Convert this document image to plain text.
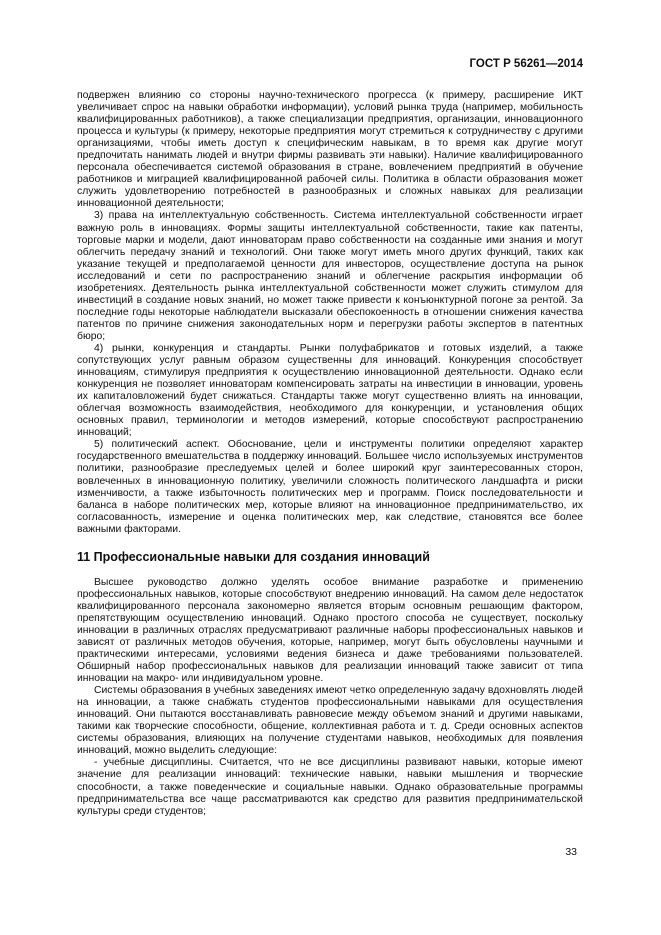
ГОСТ Р 56261—2014

подвержен влиянию со стороны научно-технического прогресса (к примеру, расширение ИКТ увеличивает спрос на навыки обработки информации), условий рынка труда (например, мобильность квалифицированных работников), а также специализации предприятия, организации, инновационного процесса и культуры (к примеру, некоторые предприятия могут стремиться к сотрудничеству с другими организациями, чтобы иметь доступ к специфическим навыкам, в то время как другие могут предпочитать нанимать людей и внутри фирмы развивать эти навыки). Наличие квалифицированного персонала обеспечивается системой образования в стране, вовлечением предприятий в обучение работников и миграцией квалифицированной рабочей силы. Политика в области образования может служить удовлетворению потребностей в разнообразных и сложных навыках для реализации инновационной деятельности;

3) права на интеллектуальную собственность. Система интеллектуальной собственности играет важную роль в инновациях. Формы защиты интеллектуальной собственности, такие как патенты, торговые марки и модели, дают инноваторам право собственности на созданные ими знания и могут облегчить передачу знаний и технологий. Они также могут иметь много других функций, таких как указание текущей и предполагаемой ценности для инвесторов, осуществление доступа на рынок исследований и сети по распространению знаний и облегчение раскрытия информации об изобретениях. Деятельность рынка интеллектуальной собственности может служить стимулом для инвестиций в создание новых знаний, но может также привести к конъюнктурной погоне за рентой. За последние годы некоторые наблюдатели высказали обеспокоенность в отношении снижения качества патентов по причине снижения законодательных норм и перегрузки работы экспертов в патентных бюро;

4) рынки, конкуренция и стандарты. Рынки полуфабрикатов и готовых изделий, а также сопутствующих услуг равным образом существенны для инноваций. Конкуренция способствует инновациям, стимулируя предприятия к осуществлению инновационной деятельности. Однако если конкуренция не позволяет инноваторам компенсировать затраты на инвестиции в инновации, уровень их капиталовложений будет снижаться. Стандарты также могут существенно влиять на инновации, облегчая возможность взаимодействия, необходимого для конкуренции, и установления общих основных правил, терминологии и методов измерений, которые способствуют распространению инноваций;

5) политический аспект. Обоснование, цели и инструменты политики определяют характер государственного вмешательства в поддержку инноваций. Большее число используемых инструментов политики, разнообразие преследуемых целей и более широкий круг заинтересованных сторон, вовлеченных в инновационную политику, увеличили сложность политического ландшафта и риски изменчивости, а также избыточность политических мер и программ. Поиск последовательности и баланса в наборе политических мер, которые влияют на инновационное предпринимательство, их согласованность, измерение и оценка политических мер, как следствие, становятся все более важными факторами.

11 Профессиональные навыки для создания инноваций

Высшее руководство должно уделять особое внимание разработке и применению профессиональных навыков, которые способствуют внедрению инноваций. На самом деле недостаток квалифицированного персонала закономерно является вторым основным решающим фактором, препятствующим осуществлению инноваций. Однако простого способа не существует, поскольку инновации в различных отраслях предусматривают различные наборы профессиональных навыков и зависят от различных методов обучения, которые, например, могут быть обусловлены научными и практическими интересами, условиями ведения бизнеса и даже требованиями пользователей. Обширный набор профессиональных навыков для реализации инноваций также зависит от типа инновации на макро- или индивидуальном уровне.

Системы образования в учебных заведениях имеют четко определенную задачу вдохновлять людей на инновации, а также снабжать студентов профессиональными навыками для осуществления инноваций. Они пытаются восстанавливать равновесие между объемом знаний и другими навыками, такими как творческие способности, общение, коллективная работа и т. д. Среди основных аспектов системы образования, влияющих на получение студентами навыков, необходимых для появления инноваций, можно выделить следующие:

- учебные дисциплины. Считается, что не все дисциплины развивают навыки, которые имеют значение для реализации инноваций: технические навыки, навыки мышления и творческие способности, а также поведенческие и социальные навыки. Однако образовательные программы предпринимательства все чаще рассматриваются как средство для развития предпринимательской культуры среди студентов;

33
